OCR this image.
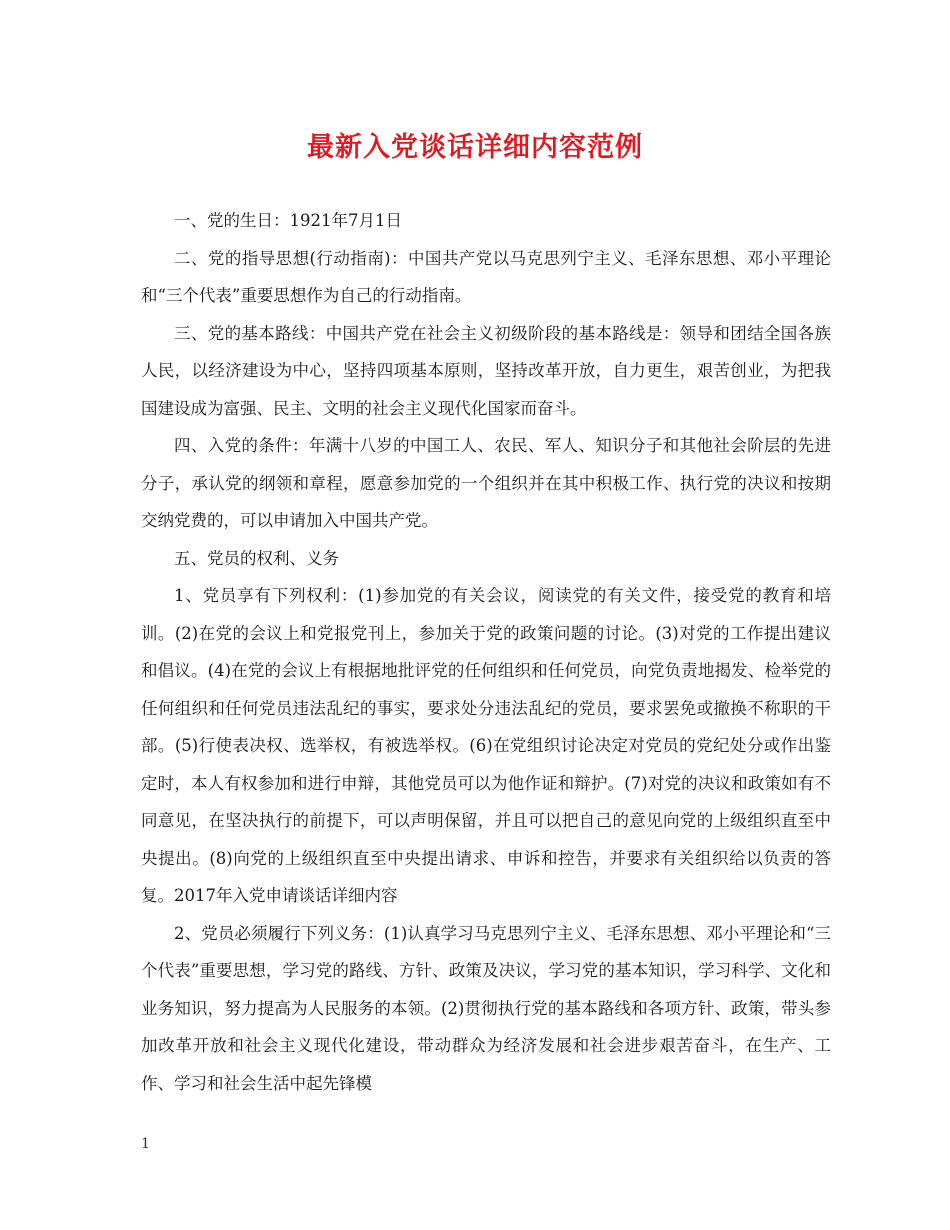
最新入党谈话详细内容范例

一、党的生日：1921年7月1日

二、党的指导思想(行动指南)：中国共产党以马克思列宁主义、毛泽东思想、邓小平理论和“三个代表”重要思想作为自己的行动指南。

三、党的基本路线：中国共产党在社会主义初级阶段的基本路线是：领导和团结全国各族人民，以经济建设为中心，坚持四项基本原则，坚持改革开放，自力更生，艰苦创业，为把我国建设成为富强、民主、文明的社会主义现代化国家而奋斗。

四、入党的条件：年满十八岁的中国工人、农民、军人、知识分子和其他社会阶层的先进分子，承认党的纲领和章程，愿意参加党的一个组织并在其中积极工作、执行党的决议和按期交纳党费的，可以申请加入中国共产党。

五、党员的权利、义务

1、党员享有下列权利：(1)参加党的有关会议，阅读党的有关文件，接受党的教育和培训。(2)在党的会议上和党报党刊上，参加关于党的政策问题的讨论。(3)对党的工作提出建议和倡议。(4)在党的会议上有根据地批评党的任何组织和任何党员，向党负责地揭发、检举党的任何组织和任何党员违法乱纪的事实，要求处分违法乱纪的党员，要求罢免或撤换不称职的干部。(5)行使表决权、选举权，有被选举权。(6)在党组织讨论决定对党员的党纪处分或作出鉴定时，本人有权参加和进行申辩，其他党员可以为他作证和辩护。(7)对党的决议和政策如有不同意见，在坚决执行的前提下，可以声明保留，并且可以把自己的意见向党的上级组织直至中央提出。(8)向党的上级组织直至中央提出请求、申诉和控告，并要求有关组织给以负责的答复。2017年入党申请谈话详细内容

2、党员必须履行下列义务：(1)认真学习马克思列宁主义、毛泽东思想、邓小平理论和“三个代表”重要思想，学习党的路线、方针、政策及决议，学习党的基本知识，学习科学、文化和业务知识，努力提高为人民服务的本领。(2)贯彻执行党的基本路线和各项方针、政策，带头参加改革开放和社会主义现代化建设，带动群众为经济发展和社会进步艰苦奋斗，在生产、工作、学习和社会生活中起先锋模

1
